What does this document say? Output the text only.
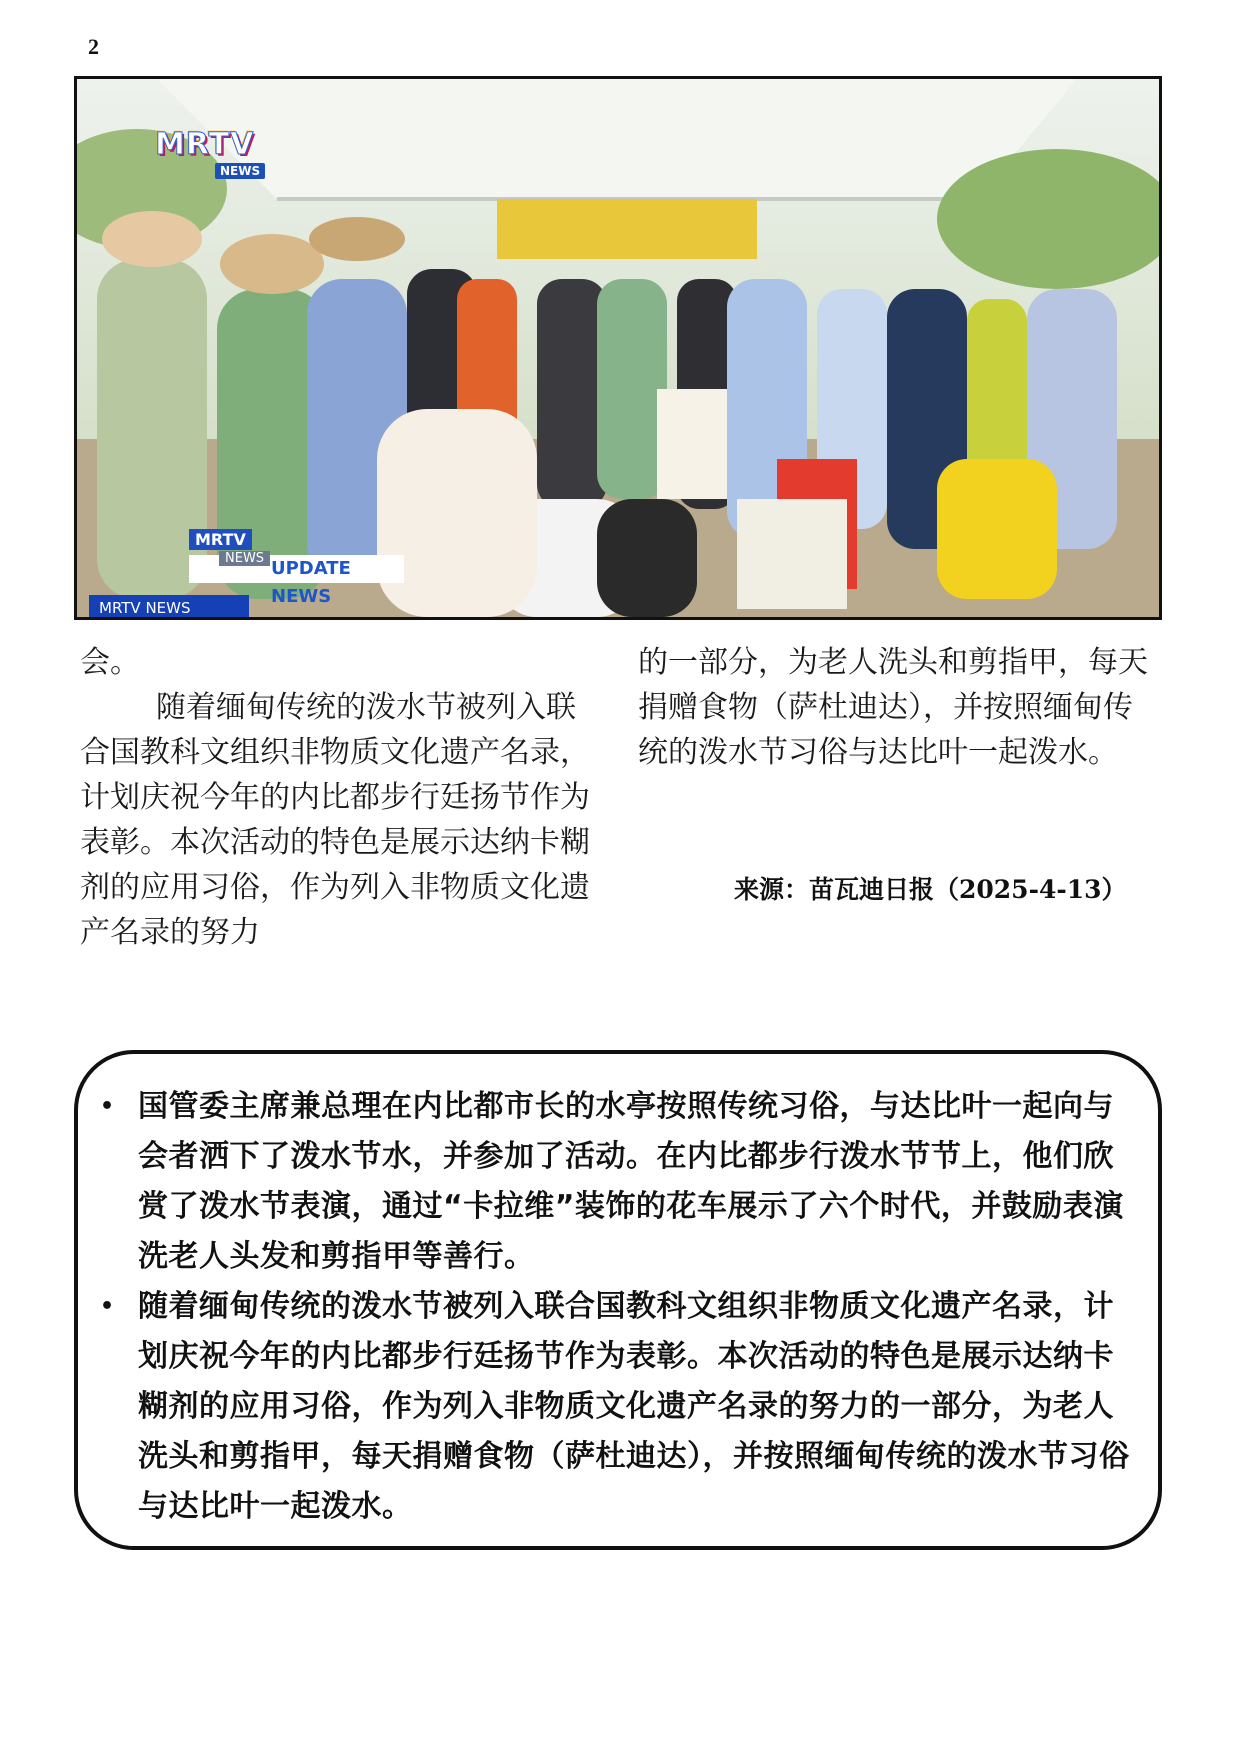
2
MRTV
NEWS
MRTV
UPDATE NEWS
NEWS
MRTV NEWS

会。

随着缅甸传统的泼水节被列入联合国教科文组织非物质文化遗产名录，计划庆祝今年的内比都步行廷扬节作为表彰。本次活动的特色是展示达纳卡糊剂的应用习俗，作为列入非物质文化遗产名录的努力

的一部分，为老人洗头和剪指甲，每天捐赠食物（萨杜迪达），并按照缅甸传统的泼水节习俗与达比叶一起泼水。

来源：苗瓦迪日报（2025-4-13）
• 国管委主席兼总理在内比都市长的水亭按照传统习俗，与达比叶一起向与会者洒下了泼水节水，并参加了活动。在内比都步行泼水节节上，他们欣赏了泼水节表演，通过“卡拉维”装饰的花车展示了六个时代，并鼓励表演洗老人头发和剪指甲等善行。
• 随着缅甸传统的泼水节被列入联合国教科文组织非物质文化遗产名录，计划庆祝今年的内比都步行廷扬节作为表彰。本次活动的特色是展示达纳卡糊剂的应用习俗，作为列入非物质文化遗产名录的努力的一部分，为老人洗头和剪指甲，每天捐赠食物（萨杜迪达），并按照缅甸传统的泼水节习俗与达比叶一起泼水。
